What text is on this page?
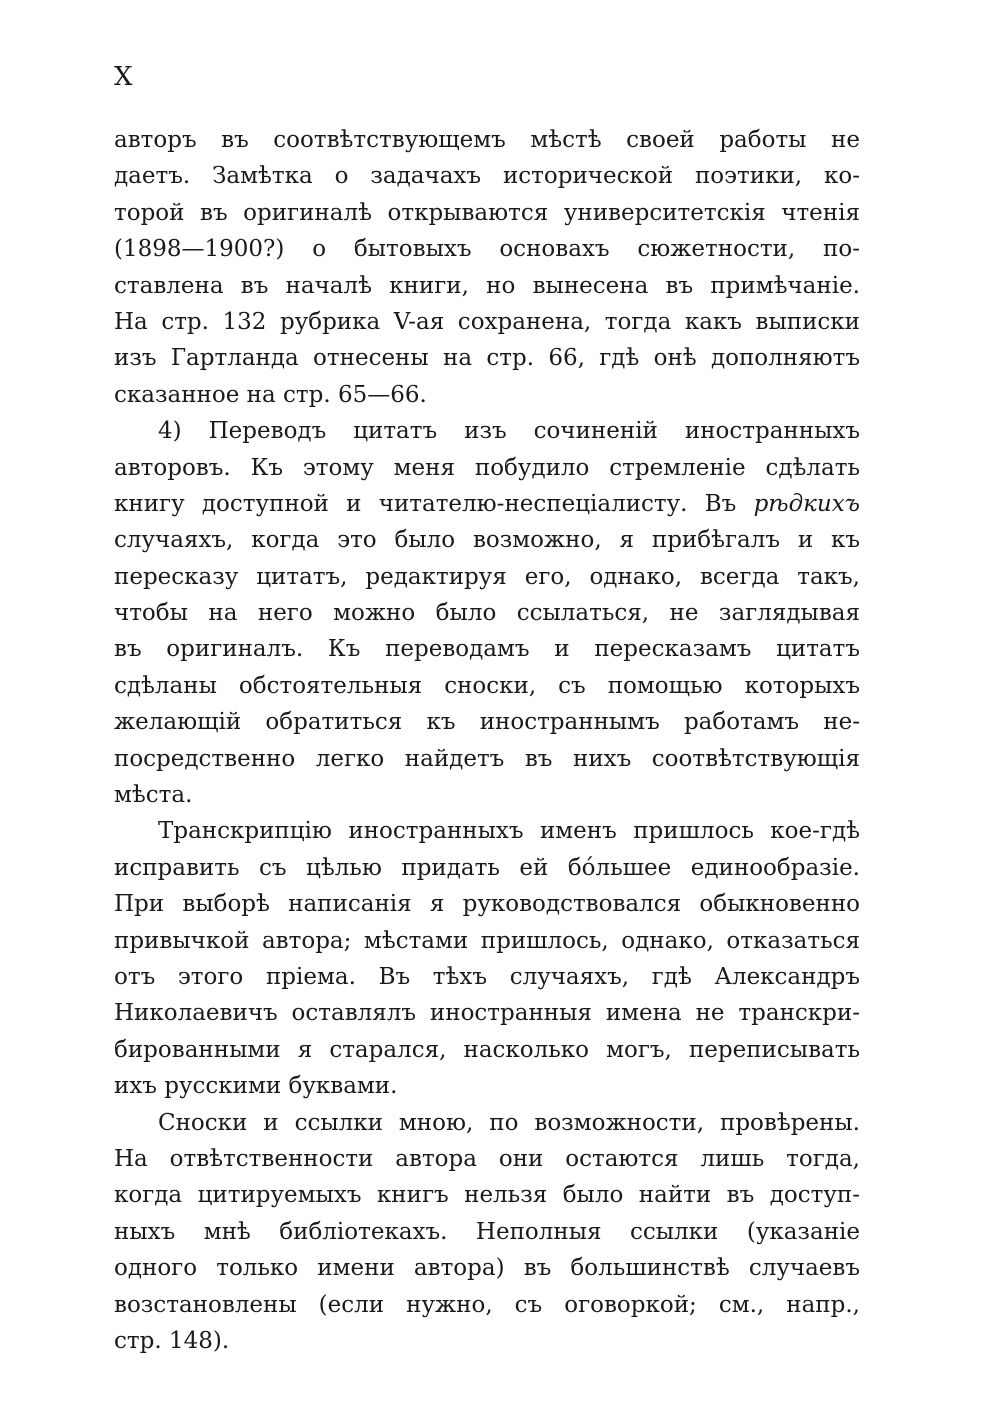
X
авторъ въ соотвѣтствующемъ мѣстѣ своей работы не
даетъ. Замѣтка о задачахъ исторической поэтики, ко-
торой въ оригиналѣ открываются университетскія чтенія
(1898—1900?) о бытовыхъ основахъ сюжетности, по-
ставлена въ началѣ книги, но вынесена въ примѣчаніе.
На стр. 132 рубрика V-ая сохранена, тогда какъ выписки
изъ Гартланда отнесены на стр. 66, гдѣ онѣ дополняютъ
сказанное на стр. 65—66.
4) Переводъ цитатъ изъ сочиненій иностранныхъ
авторовъ. Къ этому меня побудило стремленіе сдѣлать
книгу доступной и читателю-неспеціалисту. Въ рѣдкихъ
случаяхъ, когда это было возможно, я прибѣгалъ и къ
пересказу цитатъ, редактируя его, однако, всегда такъ,
чтобы на него можно было ссылаться, не заглядывая
въ оригиналъ. Къ переводамъ и пересказамъ цитатъ
сдѣланы обстоятельныя сноски, съ помощью которыхъ
желающій обратиться къ иностраннымъ работамъ не-
посредственно легко найдетъ въ нихъ соотвѣтствующія
мѣста.
Транскрипцію иностранныхъ именъ пришлось кое-гдѣ
исправить съ цѣлью придать ей бóльшее единообразіе.
При выборѣ написанія я руководствовался обыкновенно
привычкой автора; мѣстами пришлось, однако, отказаться
отъ этого пріема. Въ тѣхъ случаяхъ, гдѣ Александръ
Николаевичъ оставлялъ иностранныя имена не транскри-
бированными я старался, насколько могъ, переписывать
ихъ русскими буквами.
Сноски и ссылки мною, по возможности, провѣрены.
На отвѣтственности автора они остаются лишь тогда,
когда цитируемыхъ книгъ нельзя было найти въ доступ-
ныхъ мнѣ библіотекахъ. Неполныя ссылки (указаніе
одного только имени автора) въ большинствѣ случаевъ
возстановлены (если нужно, съ оговоркой; см., напр.,
стр. 148).
